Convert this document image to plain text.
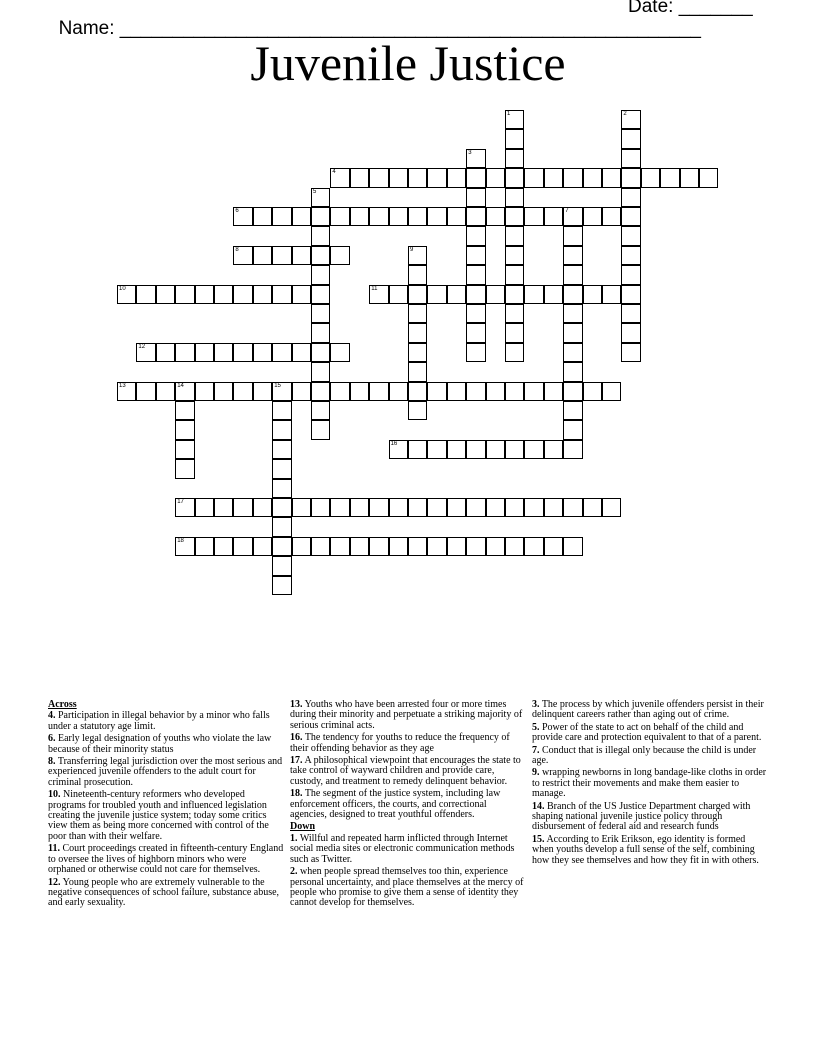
Name: _______________________________________________________

Date: _______

Juvenile Justice
1	2
3
4
5
6	7
8	9
10	11
12
13	14	15
16
17
18

Across

4. Participation in illegal behavior by a minor who falls under a statutory age limit.

6. Early legal designation of youths who violate the law because of their minority status

8. Transferring legal jurisdiction over the most serious and experienced juvenile offenders to the adult court for criminal prosecution.

10. Nineteenth-century reformers who developed programs for troubled youth and influenced legislation creating the juvenile justice system; today some critics view them as being more concerned with control of the poor than with their welfare.

11. Court proceedings created in fifteenth-century England to oversee the lives of highborn minors who were orphaned or otherwise could not care for themselves.

12. Young people who are extremely vulnerable to the negative consequences of school failure, substance abuse, and early sexuality.

13. Youths who have been arrested four or more times during their minority and perpetuate a striking majority of serious criminal acts.

16. The tendency for youths to reduce the frequency of their offending behavior as they age

17. A philosophical viewpoint that encourages the state to take control of wayward children and provide care, custody, and treatment to remedy delinquent behavior.

18. The segment of the justice system, including law enforcement officers, the courts, and correctional agencies, designed to treat youthful offenders.

Down

1. Willful and repeated harm inflicted through Internet social media sites or electronic communication methods such as Twitter.

2. when people spread themselves too thin, experience personal uncertainty, and place themselves at the mercy of people who promise to give them a sense of identity they cannot develop for themselves.

3. The process by which juvenile offenders persist in their delinquent careers rather than aging out of crime.

5. Power of the state to act on behalf of the child and provide care and protection equivalent to that of a parent.

7. Conduct that is illegal only because the child is under age.

9. wrapping newborns in long bandage-like cloths in order to restrict their movements and make them easier to manage.

14. Branch of the US Justice Department charged with shaping national juvenile justice policy through disbursement of federal aid and research funds

15. According to Erik Erikson, ego identity is formed when youths develop a full sense of the self, combining how they see themselves and how they fit in with others.
